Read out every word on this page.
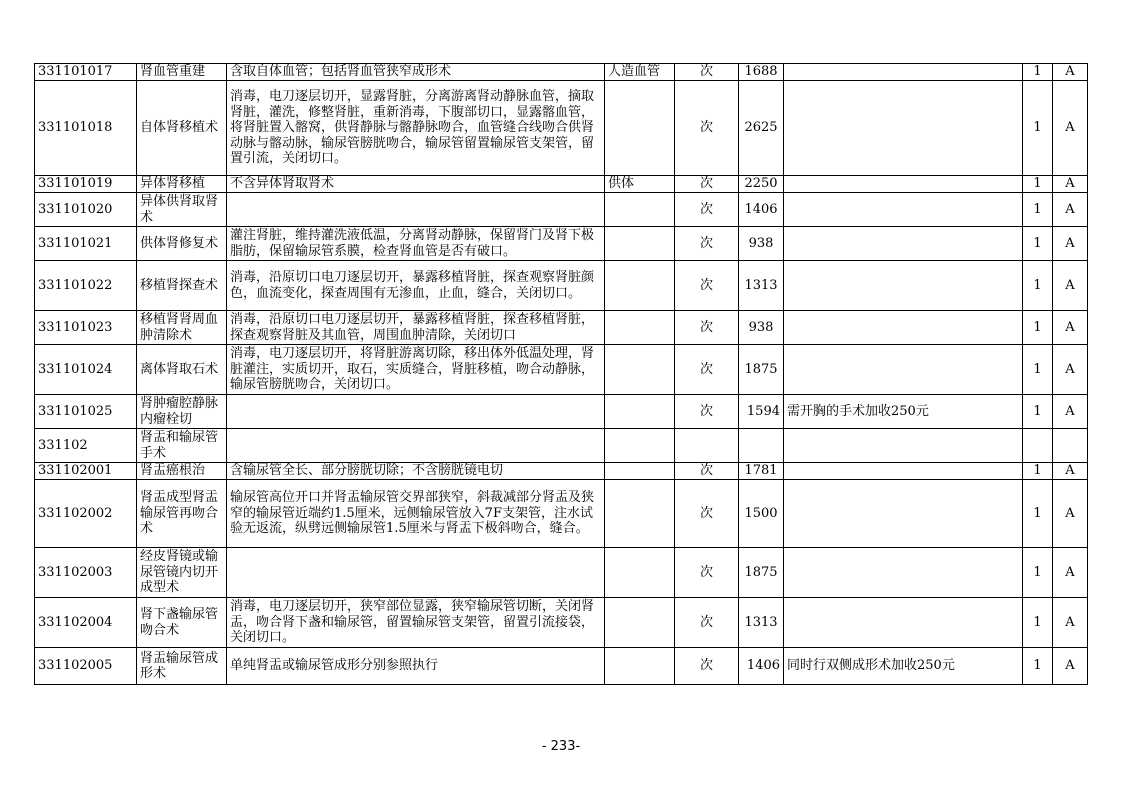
331101017	肾血管重建	含取自体血管；包括肾血管狭窄成形术	人造血管	次	1688		1	A
331101018	自体肾移植术	消毒，电刀逐层切开，显露肾脏，分离游离肾动静脉血管，摘取肾脏，灌洗，修整肾脏，重新消毒，下腹部切口，显露髂血管，将肾脏置入髂窝，供肾静脉与髂静脉吻合，血管缝合线吻合供肾动脉与髂动脉，输尿管膀胱吻合，输尿管留置输尿管支架管，留置引流，关闭切口。		次	2625		1	A
331101019	异体肾移植	不含异体肾取肾术	供体	次	2250		1	A
331101020	异体供肾取肾术			次	1406		1	A
331101021	供体肾修复术	灌注肾脏，维持灌洗液低温，分离肾动静脉，保留肾门及肾下极脂肪，保留输尿管系膜，检查肾血管是否有破口。		次	938		1	A
331101022	移植肾探查术	消毒，沿原切口电刀逐层切开，暴露移植肾脏，探查观察肾脏颜色，血流变化，探查周围有无渗血，止血，缝合，关闭切口。		次	1313		1	A
331101023	移植肾肾周血肿清除术	消毒，沿原切口电刀逐层切开，暴露移植肾脏，探查移植肾脏，探查观察肾脏及其血管，周围血肿清除，关闭切口		次	938		1	A
331101024	离体肾取石术	消毒，电刀逐层切开，将肾脏游离切除，移出体外低温处理，肾脏灌注，实质切开，取石，实质缝合，肾脏移植，吻合动静脉，输尿管膀胱吻合，关闭切口。		次	1875		1	A
331101025	肾肿瘤腔静脉内瘤栓切			次	1594	需开胸的手术加收250元	1	A
331102	肾盂和输尿管手术							
331102001	肾盂癌根治	含输尿管全长、部分膀胱切除；不含膀胱镜电切		次	1781		1	A
331102002	肾盂成型肾盂输尿管再吻合术	输尿管高位开口并肾盂输尿管交界部狭窄，斜裁减部分肾盂及狭窄的输尿管近端约1.5厘米，远侧输尿管放入7F支架管，注水试验无返流，纵劈远侧输尿管1.5厘米与肾盂下极斜吻合，缝合。		次	1500		1	A
331102003	经皮肾镜或输尿管镜内切开成型术			次	1875		1	A
331102004	肾下盏输尿管吻合术	消毒，电刀逐层切开，狭窄部位显露，狭窄输尿管切断，关闭肾盂，吻合肾下盏和输尿管，留置输尿管支架管，留置引流接袋，关闭切口。		次	1313		1	A
331102005	肾盂输尿管成形术	单纯肾盂或输尿管成形分别参照执行		次	1406	同时行双侧成形术加收250元	1	A
- 233-
